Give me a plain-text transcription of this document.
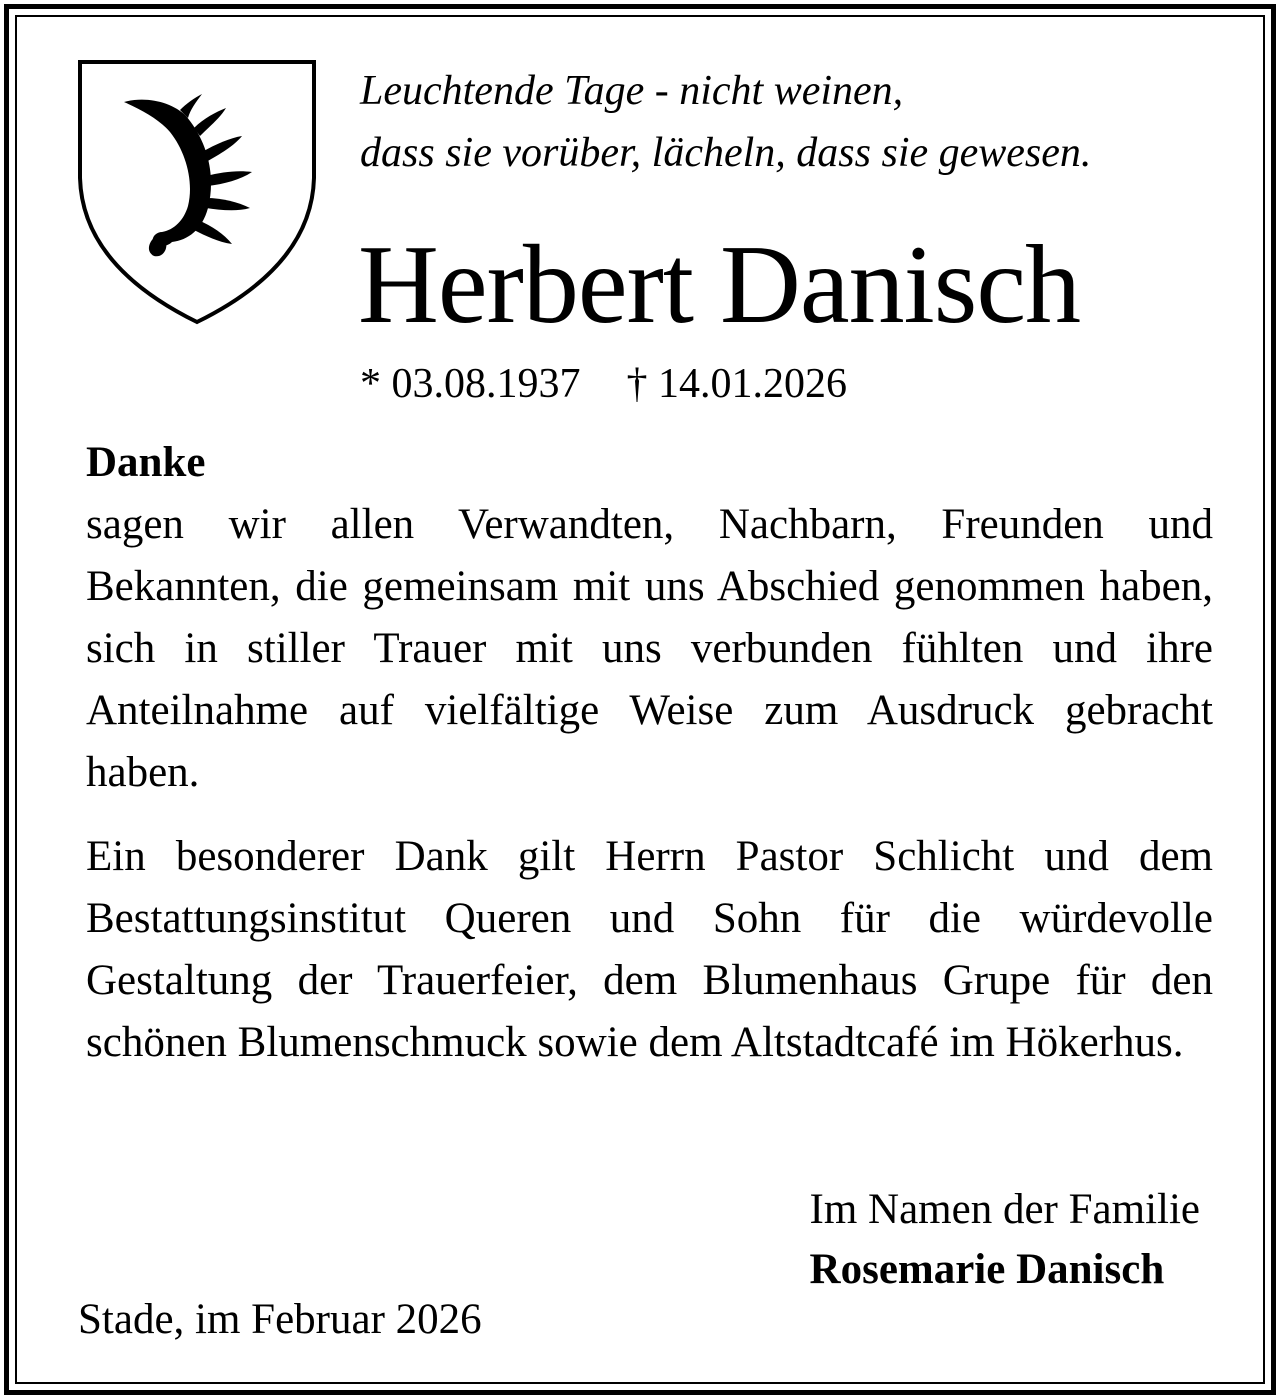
Leuchtende Tage - nicht weinen,
dass sie vorüber, lächeln, dass sie gewesen.
Herbert Danisch
* 03.08.1937 † 14.01.2026
Danke

sagen wir allen Verwandten, Nachbarn, Freunden und Bekannten, die gemeinsam mit uns Abschied genommen haben, sich in stiller Trauer mit uns verbunden fühlten und ihre Anteilnahme auf vielfältige Weise zum Ausdruck gebracht haben.

Ein besonderer Dank gilt Herrn Pastor Schlicht und dem Bestattungsinstitut Queren und Sohn für die würdevolle Gestaltung der Trauerfeier, dem Blumenhaus Grupe für den schönen Blumenschmuck sowie dem Altstadtcafé im Hökerhus.

Im Namen der Familie
Rosemarie Danisch
Stade, im Februar 2026
